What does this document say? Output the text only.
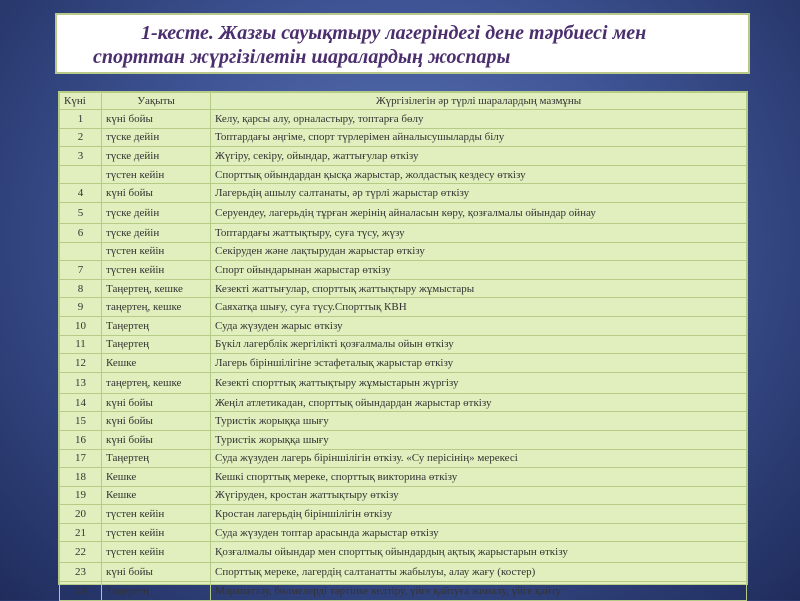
1-кесте. Жазғы сауықтыру лагеріндегі дене тәрбиесі мен
спорттан жүргізілетін шаралардың жоспары
Күні	Уақыты	Жүргізілегін әр түрлі шаралардың мазмұны
1	күні бойы	Келу, қарсы алу, орналастыру, топтарға бөлу
2	түске дейін	Топтардағы әңгіме, спорт түрлерімен айналысушыларды білу
3	түске дейін	Жүгіру, секіру, ойындар, жаттығулар өткізу
	түстен кейін	Спорттық ойындардан қысқа жарыстар, жолдастық кездесу өткізу
4	күні бойы	Лагерьдің ашылу салтанаты, әр түрлі жарыстар өткізу
5	түске дейін	Серуендеу, лагерьдің тұрған жерінің айналасын көру, қозғалмалы ойындар ойнау
6	түске дейін	Топтардағы жаттықтыру, суға түсу, жүзу
	түстен кейін	Секіруден және лақтырудан жарыстар өткізу
7	түстен кейін	Спорт ойындарынан жарыстар өткізу
8	Таңертең, кешке	Кезекті жаттығулар, спорттық жаттықтыру жұмыстары
9	таңертең, кешке	Саяхатқа шығу, суға түсу.Спорттық КВН
10	Таңертең	Суда жүзуден жарыс өткізу
11	Таңертең	Бүкіл лагерблік жергілікті қозғалмалы ойын өткізу
12	Кешке	Лагерь біріншілігіне эстафеталық жарыстар өткізу
13	таңертең, кешке	Кезекті спорттық жаттықтыру жұмыстарын жүргізу
14	күні бойы	Жеңіл атлетикадан, спорттық ойындардан жарыстар өткізу
15	күні бойы	Туристік жорыққа шығу
16	күні бойы	Туристік жорыққа шығу
17	Таңертең	Суда жүзуден лагерь біріншілігін өткізу. «Су перісінің» мерекесі
18	Кешке	Кешкі спорттық мереке, спорттық викторина өткізу
19	Кешке	Жүгіруден, кростан жаттықтыру өткізу
20	түстен кейін	Кростан лагерьдің біріншілігін өткізу
21	түстен кейін	Суда жүзуден топтар арасында жарыстар өткізу
22	түстен кейін	Қозғалмалы ойындар мен спорттық ойындардың ақтық жарыстарын өткізу
23	күні бойы	Спорттық мереке, лагердің салтанатты жабылуы, алау жағу (костер)
24	Таңертең	Марапаттау, бөлмелерді тәртіпке келтіру, үйге қайтуға жиналу, үйге қайту
